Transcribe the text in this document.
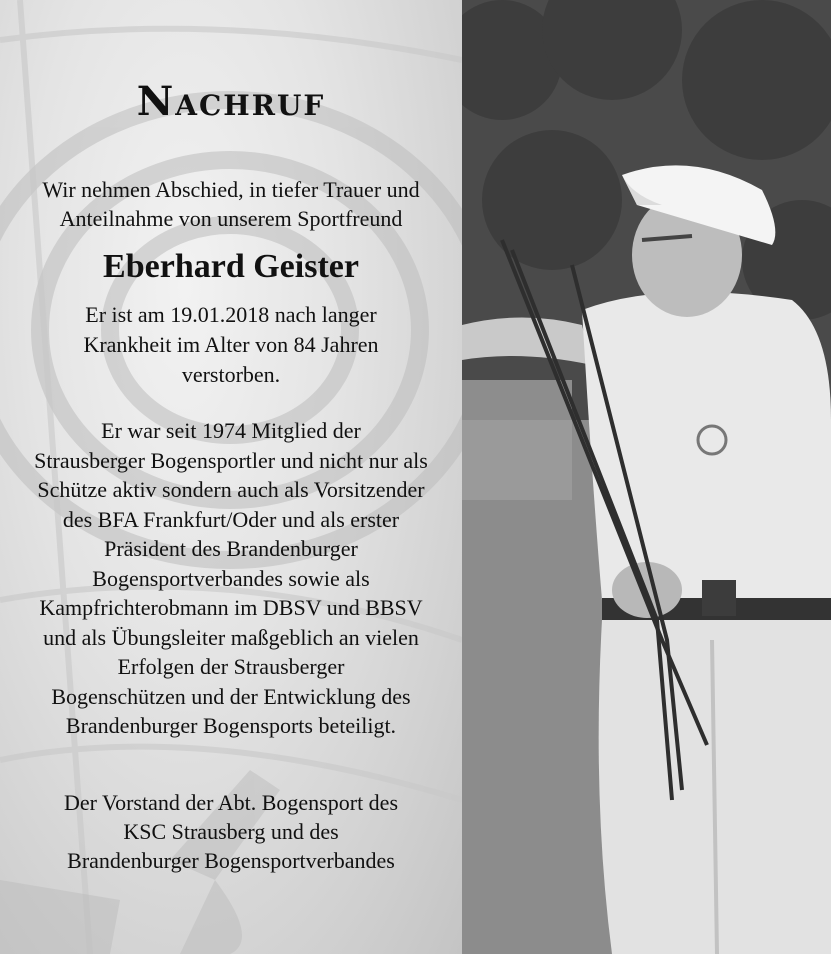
Nachruf
Wir nehmen Abschied, in tiefer Trauer und
Anteilnahme von unserem Sportfreund
Eberhard Geister
Er ist am 19.01.2018 nach langer
Krankheit im Alter von 84 Jahren
verstorben.
Er war seit 1974 Mitglied der
Strausberger Bogensportler und nicht nur als
Schütze aktiv sondern auch als Vorsitzender
des BFA Frankfurt/Oder und als erster
Präsident des Brandenburger
Bogensportverbandes sowie als
Kampfrichterobmann im DBSV und BBSV
und als Übungsleiter maßgeblich an vielen
Erfolgen der Strausberger
Bogenschützen und der Entwicklung des
Brandenburger Bogensports beteiligt.
Der Vorstand der Abt. Bogensport des
KSC Strausberg und des
Brandenburger Bogensportverbandes
